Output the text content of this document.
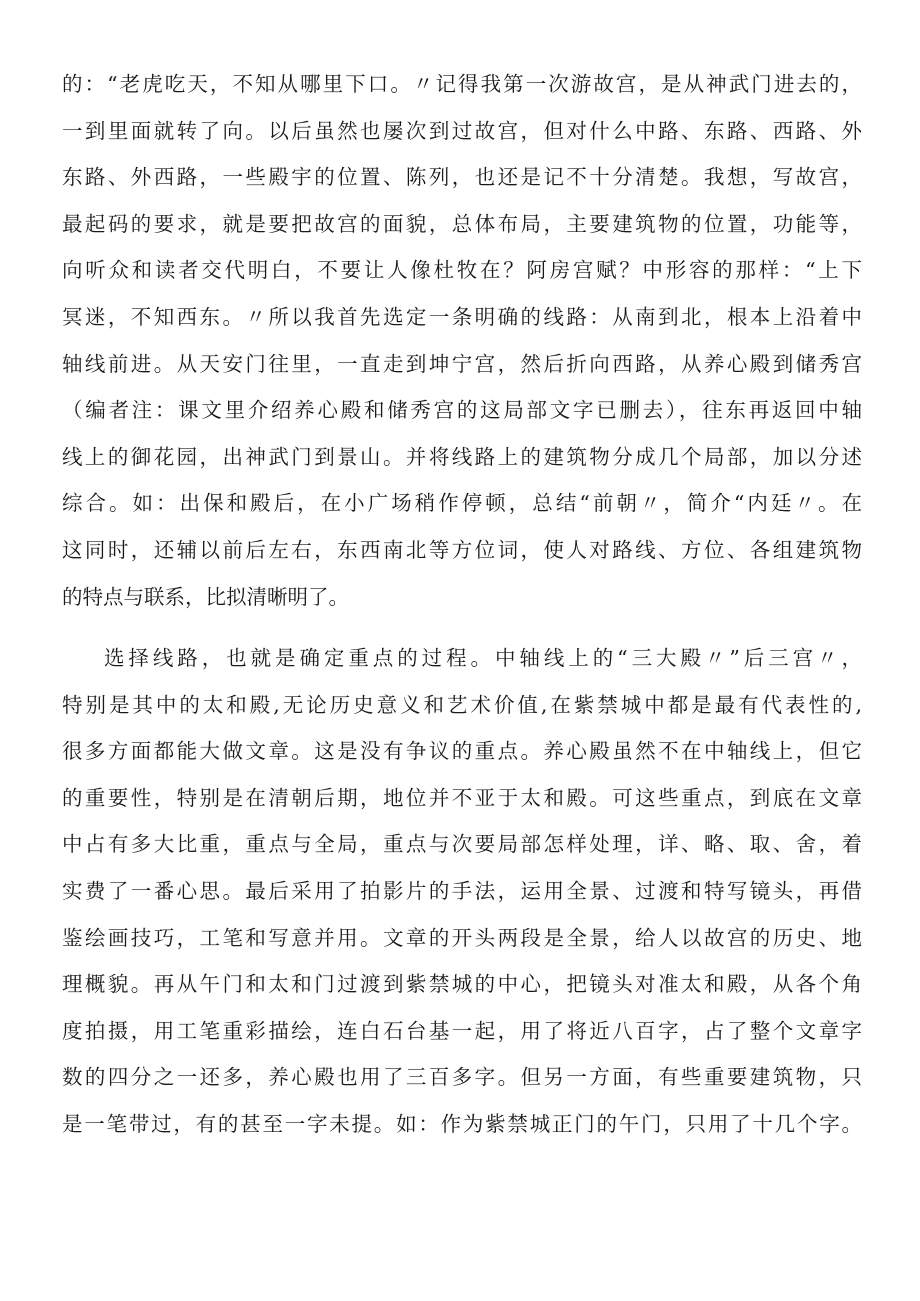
的：“老虎吃天，不知从哪里下口。〃记得我第一次游故宫，是从神武门进去的，
一到里面就转了向。以后虽然也屡次到过故宫，但对什么中路、东路、西路、外
东路、外西路，一些殿宇的位置、陈列，也还是记不十分清楚。我想，写故宫，
最起码的要求，就是要把故宫的面貌，总体布局，主要建筑物的位置，功能等，
向听众和读者交代明白，不要让人像杜牧在？阿房宫赋？中形容的那样：“上下
冥迷，不知西东。〃所以我首先选定一条明确的线路：从南到北，根本上沿着中
轴线前进。从天安门往里，一直走到坤宁宫，然后折向西路，从养心殿到储秀宫
（编者注：课文里介绍养心殿和储秀宫的这局部文字已删去），往东再返回中轴
线上的御花园，出神武门到景山。并将线路上的建筑物分成几个局部，加以分述
综合。如：出保和殿后，在小广场稍作停顿，总结“前朝〃，简介“内廷〃。在
这同时，还辅以前后左右，东西南北等方位词，使人对路线、方位、各组建筑物
的特点与联系，比拟清晰明了。
选择线路，也就是确定重点的过程。中轴线上的“三大殿〃”后三宫〃，
特别是其中的太和殿,无论历史意义和艺术价值,在紫禁城中都是最有代表性的,
很多方面都能大做文章。这是没有争议的重点。养心殿虽然不在中轴线上，但它
的重要性，特别是在清朝后期，地位并不亚于太和殿。可这些重点，到底在文章
中占有多大比重，重点与全局，重点与次要局部怎样处理，详、略、取、舍，着
实费了一番心思。最后采用了拍影片的手法，运用全景、过渡和特写镜头，再借
鉴绘画技巧，工笔和写意并用。文章的开头两段是全景，给人以故宫的历史、地
理概貌。再从午门和太和门过渡到紫禁城的中心，把镜头对准太和殿，从各个角
度拍摄，用工笔重彩描绘，连白石台基一起，用了将近八百字，占了整个文章字
数的四分之一还多，养心殿也用了三百多字。但另一方面，有些重要建筑物，只
是一笔带过，有的甚至一字未提。如：作为紫禁城正门的午门，只用了十几个字。
